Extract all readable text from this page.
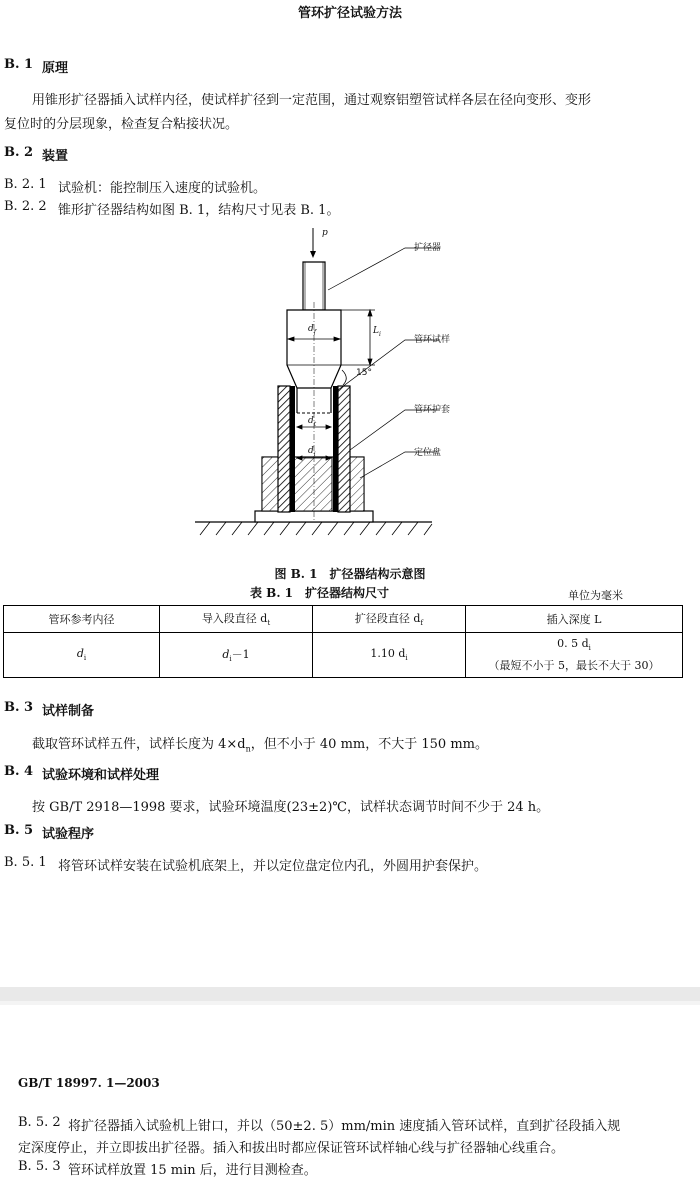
管环扩径试验方法
B. 1 原理
用锥形扩径器插入试样内径，使试样扩径到一定范围，通过观察铝塑管试样各层在径向变形、变形
复位时的分层现象，检查复合粘接状况。
B. 2 装置
B. 2. 1 试验机：能控制压入速度的试验机。
B. 2. 2 锥形扩径器结构如图 B. 1，结构尺寸见表 B. 1。
p
扩径器
管环试样
管环护套
定位盘
$d_f$	$L_i$
15°
$d_t$
$d_i$
图 B. 1　扩径器结构示意图
表 B. 1　扩径器结构尺寸	单位为毫米
管环参考内径	导入段直径 $d_t$	扩径段直径 $d_f$	插入深度 L
$d_i$	$d_i-1$	1.10 $d_i$	0. 5 $d_i$
（最短不小于 5，最长不大于 30）
B. 3 试样制备
截取管环试样五件，试样长度为 $4\times d_n$，但不小于 40 mm，不大于 150 mm。
B. 4 试验环境和试样处理
按 GB/T 2918—1998 要求，试验环境温度(23±2)℃，试样状态调节时间不少于 24 h。
B. 5 试验程序
B. 5. 1 将管环试样安装在试验机底架上，并以定位盘定位内孔，外圆用护套保护。
GB/T 18997. 1—2003
B. 5. 2 将扩径器插入试验机上钳口，并以（50±2. 5）mm/min 速度插入管环试样，直到扩径段插入规
定深度停止，并立即拔出扩径器。插入和拔出时都应保证管环试样轴心线与扩径器轴心线重合。
B. 5. 3 管环试样放置 15 min 后，进行目测检查。
